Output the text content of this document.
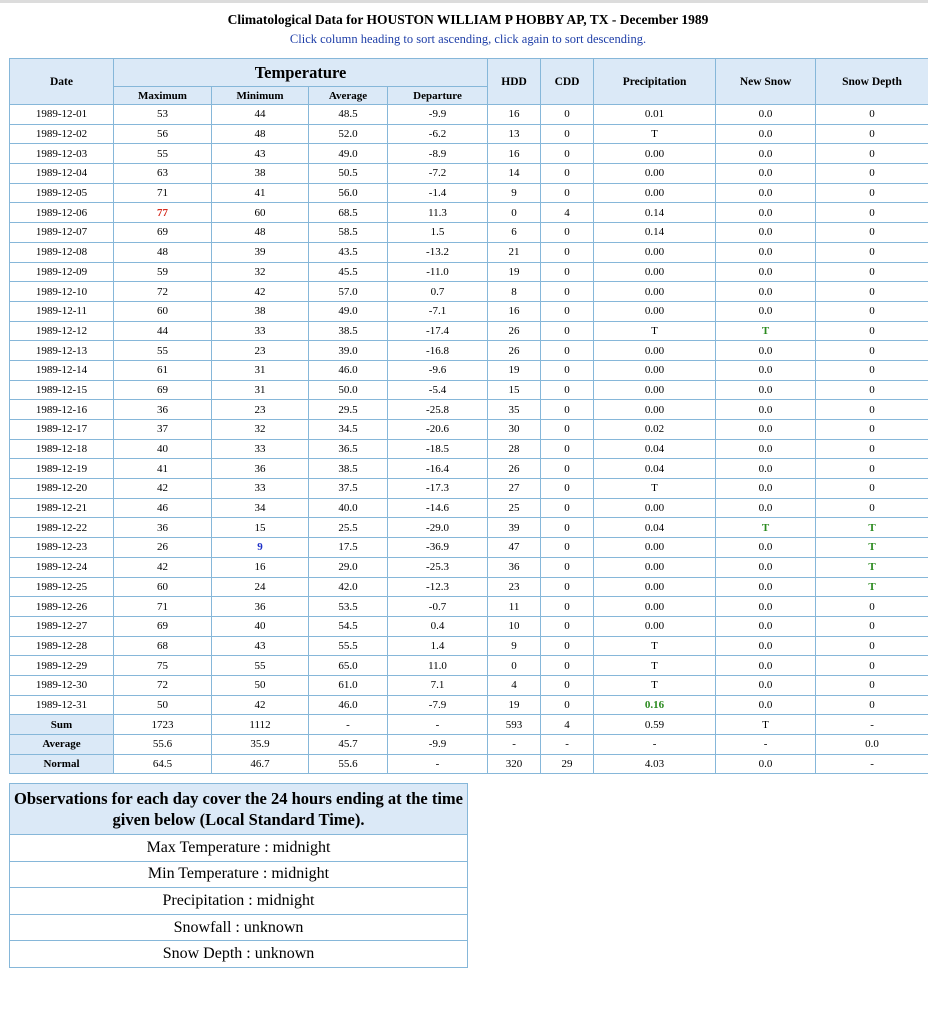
Climatological Data for HOUSTON WILLIAM P HOBBY AP, TX - December 1989
Click column heading to sort ascending, click again to sort descending.
Date	Temperature				HDD	CDD	Precipitation	New Snow	Snow Depth
	Maximum	Minimum	Average	Departure					
1989-12-01	53	44	48.5	-9.9	16	0	0.01	0.0	0
1989-12-02	56	48	52.0	-6.2	13	0	T	0.0	0
1989-12-03	55	43	49.0	-8.9	16	0	0.00	0.0	0
1989-12-04	63	38	50.5	-7.2	14	0	0.00	0.0	0
1989-12-05	71	41	56.0	-1.4	9	0	0.00	0.0	0
1989-12-06	77	60	68.5	11.3	0	4	0.14	0.0	0
1989-12-07	69	48	58.5	1.5	6	0	0.14	0.0	0
1989-12-08	48	39	43.5	-13.2	21	0	0.00	0.0	0
1989-12-09	59	32	45.5	-11.0	19	0	0.00	0.0	0
1989-12-10	72	42	57.0	0.7	8	0	0.00	0.0	0
1989-12-11	60	38	49.0	-7.1	16	0	0.00	0.0	0
1989-12-12	44	33	38.5	-17.4	26	0	T	T	0
1989-12-13	55	23	39.0	-16.8	26	0	0.00	0.0	0
1989-12-14	61	31	46.0	-9.6	19	0	0.00	0.0	0
1989-12-15	69	31	50.0	-5.4	15	0	0.00	0.0	0
1989-12-16	36	23	29.5	-25.8	35	0	0.00	0.0	0
1989-12-17	37	32	34.5	-20.6	30	0	0.02	0.0	0
1989-12-18	40	33	36.5	-18.5	28	0	0.04	0.0	0
1989-12-19	41	36	38.5	-16.4	26	0	0.04	0.0	0
1989-12-20	42	33	37.5	-17.3	27	0	T	0.0	0
1989-12-21	46	34	40.0	-14.6	25	0	0.00	0.0	0
1989-12-22	36	15	25.5	-29.0	39	0	0.04	T	T
1989-12-23	26	9	17.5	-36.9	47	0	0.00	0.0	T
1989-12-24	42	16	29.0	-25.3	36	0	0.00	0.0	T
1989-12-25	60	24	42.0	-12.3	23	0	0.00	0.0	T
1989-12-26	71	36	53.5	-0.7	11	0	0.00	0.0	0
1989-12-27	69	40	54.5	0.4	10	0	0.00	0.0	0
1989-12-28	68	43	55.5	1.4	9	0	T	0.0	0
1989-12-29	75	55	65.0	11.0	0	0	T	0.0	0
1989-12-30	72	50	61.0	7.1	4	0	T	0.0	0
1989-12-31	50	42	46.0	-7.9	19	0	0.16	0.0	0
Sum	1723	1112	-	-	593	4	0.59	T	-
Average	55.6	35.9	45.7	-9.9	-	-	-	-	0.0
Normal	64.5	46.7	55.6	-	320	29	4.03	0.0	-
Observations for each day cover the 24 hours ending at the time given below (Local Standard Time).
Max Temperature : midnight
Min Temperature : midnight
Precipitation : midnight
Snowfall : unknown
Snow Depth : unknown
